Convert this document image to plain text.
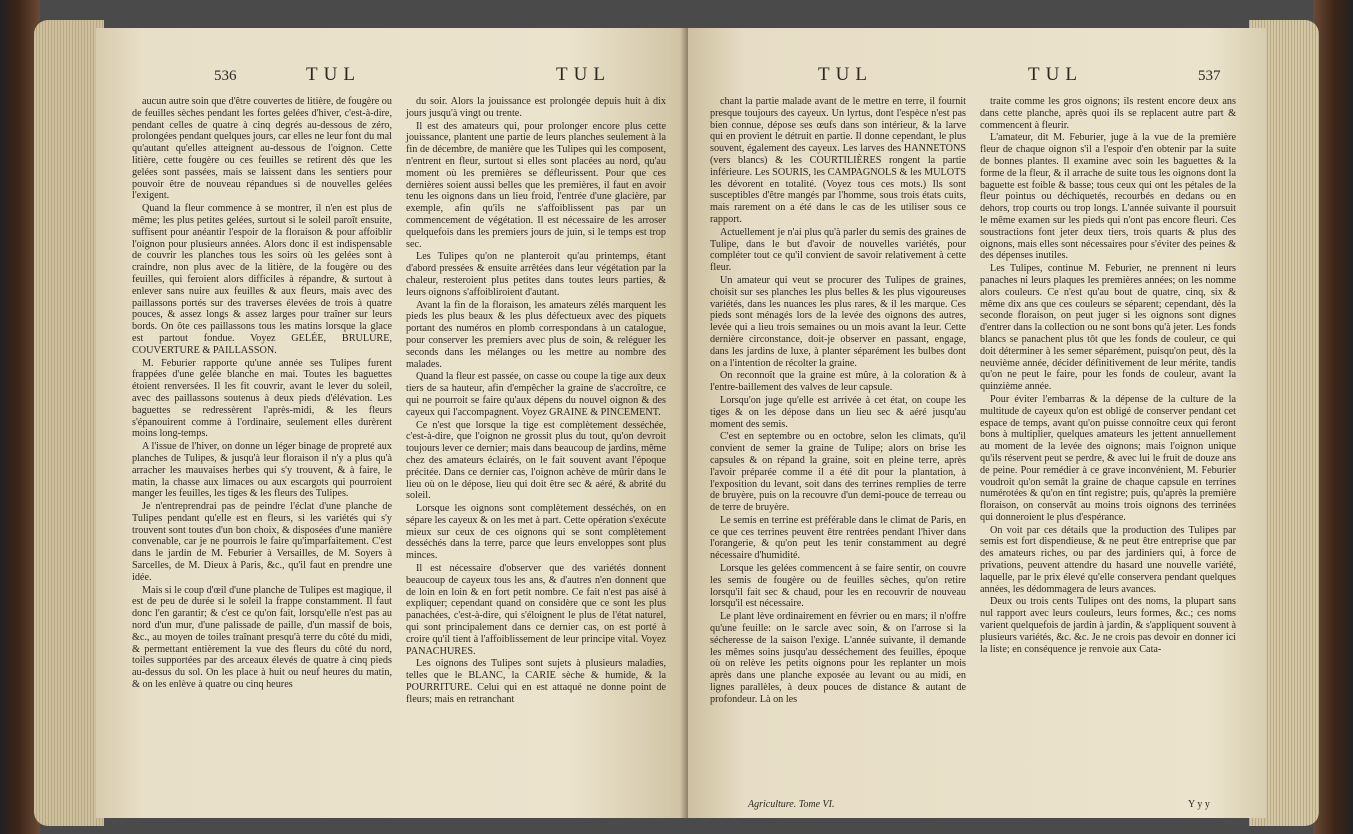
536	TUL	TUL

aucun autre soin que d'être couvertes de litière, de fougère ou de feuilles sèches pendant les fortes gelées d'hiver, c'est-à-dire, pendant celles de quatre à cinq degrés au-dessous de zéro, prolongées pendant quelques jours, car elles ne leur font du mal qu'autant qu'elles atteignent au-dessous de l'oignon. Cette litière, cette fougère ou ces feuilles se retirent dès que les gelées sont passées, mais se laissent dans les sentiers pour pouvoir être de nouveau répandues si de nouvelles gelées l'exigent.

Quand la fleur commence à se montrer, il n'en est plus de même; les plus petites gelées, surtout si le soleil paroît ensuite, suffisent pour anéantir l'espoir de la floraison & pour affoiblir l'oignon pour plusieurs années. Alors donc il est indispensable de couvrir les planches tous les soirs où les gelées sont à craindre, non plus avec de la litière, de la fougère ou des feuilles, qui feroient alors difficiles à répandre, & surtout à enlever sans nuire aux feuilles & aux fleurs, mais avec des paillassons portés sur des traverses élevées de trois à quatre pouces, & assez longs & assez larges pour traîner sur leurs bords. On ôte ces paillassons tous les matins lorsque la glace est partout fondue. Voyez GELÉE, BRULURE, COUVERTURE & PAILLASSON.

M. Feburier rapporte qu'une année ses Tulipes furent frappées d'une gelée blanche en mai. Toutes les baguettes étoient renversées. Il les fit couvrir, avant le lever du soleil, avec des paillassons soutenus à deux pieds d'élévation. Les baguettes se redressèrent l'après-midi, & les fleurs s'épanouirent comme à l'ordinaire, seulement elles durèrent moins long-temps.

A l'issue de l'hiver, on donne un léger binage de propreté aux planches de Tulipes, & jusqu'à leur floraison il n'y a plus qu'à arracher les mauvaises herbes qui s'y trouvent, & à faire, le matin, la chasse aux limaces ou aux escargots qui pourroient manger les feuilles, les tiges & les fleurs des Tulipes.

Je n'entreprendrai pas de peindre l'éclat d'une planche de Tulipes pendant qu'elle est en fleurs, si les variétés qui s'y trouvent sont toutes d'un bon choix, & disposées d'une manière convenable, car je ne pourrois le faire qu'imparfaitement. C'est dans le jardin de M. Feburier à Versailles, de M. Soyers à Sarcelles, de M. Dieux à Paris, &c., qu'il faut en prendre une idée.

Mais si le coup d'œil d'une planche de Tulipes est magique, il est de peu de durée si le soleil la frappe constamment. Il faut donc l'en garantir; & c'est ce qu'on fait, lorsqu'elle n'est pas au nord d'un mur, d'une palissade de paille, d'un massif de bois, &c., au moyen de toiles traînant presqu'à terre du côté du midi, & permettant entièrement la vue des fleurs du côté du nord, toiles supportées par des arceaux élevés de quatre à cinq pieds au-dessus du sol. On les place à huit ou neuf heures du matin, & on les enlève à quatre ou cinq heures

du soir. Alors la jouissance est prolongée depuis huit à dix jours jusqu'à vingt ou trente.

Il est des amateurs qui, pour prolonger encore plus cette jouissance, plantent une partie de leurs planches seulement à la fin de décembre, de manière que les Tulipes qui les composent, n'entrent en fleur, surtout si elles sont placées au nord, qu'au moment où les premières se défleurissent. Pour que ces dernières soient aussi belles que les premières, il faut en avoir tenu les oignons dans un lieu froid, l'entrée d'une glacière, par exemple, afin qu'ils ne s'affoiblissent pas par un commencement de végétation. Il est nécessaire de les arroser quelquefois dans les premiers jours de juin, si le temps est trop sec.

Les Tulipes qu'on ne planteroit qu'au printemps, étant d'abord pressées & ensuite arrêtées dans leur végétation par la chaleur, resteroient plus petites dans toutes leurs parties, & leurs oignons s'affoibliroient d'autant.

Avant la fin de la floraison, les amateurs zélés marquent les pieds les plus beaux & les plus défectueux avec des piquets portant des numéros en plomb correspondans à un catalogue, pour conserver les premiers avec plus de soin, & reléguer les seconds dans les mélanges ou les mettre au nombre des malades.

Quand la fleur est passée, on casse ou coupe la tige aux deux tiers de sa hauteur, afin d'empêcher la graine de s'accroître, ce qui ne pourroit se faire qu'aux dépens du nouvel oignon & des cayeux qui l'accompagnent. Voyez GRAINE & PINCEMENT.

Ce n'est que lorsque la tige est complètement desséchée, c'est-à-dire, que l'oignon ne grossit plus du tout, qu'on devroit toujours lever ce dernier; mais dans beaucoup de jardins, même chez des amateurs éclairés, on le fait souvent avant l'époque précitée. Dans ce dernier cas, l'oignon achève de mûrir dans le lieu où on le dépose, lieu qui doit être sec & aéré, & abrité du soleil.

Lorsque les oignons sont complètement desséchés, on en sépare les cayeux & on les met à part. Cette opération s'exécute mieux sur ceux de ces oignons qui se sont complètement desséchés dans la terre, parce que leurs enveloppes sont plus minces.

Il est nécessaire d'observer que des variétés donnent beaucoup de cayeux tous les ans, & d'autres n'en donnent que de loin en loin & en fort petit nombre. Ce fait n'est pas aisé à expliquer; cependant quand on considère que ce sont les plus panachées, c'est-à-dire, qui s'éloignent le plus de l'état naturel, qui sont principalement dans ce dernier cas, on est porté à croire qu'il tient à l'affoiblissement de leur principe vital. Voyez PANACHURES.

Les oignons des Tulipes sont sujets à plusieurs maladies, telles que le BLANC, la CARIE sèche & humide, & la POURRITURE. Celui qui en est attaqué ne donne point de fleurs; mais en retranchant

TUL	TUL	537

chant la partie malade avant de le mettre en terre, il fournit presque toujours des cayeux. Un lyrtus, dont l'espèce n'est pas bien connue, dépose ses œufs dans son intérieur, & la larve qui en provient le détruit en partie. Il donne cependant, le plus souvent, également des cayeux. Les larves des HANNETONS (vers blancs) & les COURTILIÈRES rongent la partie inférieure. Les SOURIS, les CAMPAGNOLS & les MULOTS les dévorent en totalité. (Voyez tous ces mots.) Ils sont susceptibles d'être mangés par l'homme, sous trois états cuits, mais rarement on a été dans le cas de les utiliser sous ce rapport.

Actuellement je n'ai plus qu'à parler du semis des graines de Tulipe, dans le but d'avoir de nouvelles variétés, pour compléter tout ce qu'il convient de savoir relativement à cette fleur.

Un amateur qui veut se procurer des Tulipes de graines, choisit sur ses planches les plus belles & les plus vigoureuses variétés, dans les nuances les plus rares, & il les marque. Ces pieds sont ménagés lors de la levée des oignons des autres, levée qui a lieu trois semaines ou un mois avant la leur. Cette dernière circonstance, doit-je observer en passant, engage, dans les jardins de luxe, à planter séparément les bulbes dont on a l'intention de récolter la graine.

On reconnoît que la graine est mûre, à la coloration & à l'entre-baillement des valves de leur capsule.

Lorsqu'on juge qu'elle est arrivée à cet état, on coupe les tiges & on les dépose dans un lieu sec & aéré jusqu'au moment des semis.

C'est en septembre ou en octobre, selon les climats, qu'il convient de semer la graine de Tulipe; alors on brise les capsules & on répand la graine, soit en pleine terre, après l'avoir préparée comme il a été dit pour la plantation, à l'exposition du levant, soit dans des terrines remplies de terre de bruyère, puis on la recouvre d'un demi-pouce de terreau ou de terre de bruyère.

Le semis en terrine est préférable dans le climat de Paris, en ce que ces terrines peuvent être rentrées pendant l'hiver dans l'orangerie, & qu'on peut les tenir constamment au degré nécessaire d'humidité.

Lorsque les gelées commencent à se faire sentir, on couvre les semis de fougère ou de feuilles sèches, qu'on retire lorsqu'il fait sec & chaud, pour les en recouvrir de nouveau lorsqu'il est nécessaire.

Le plant lève ordinairement en février ou en mars; il n'offre qu'une feuille: on le sarcle avec soin, & on l'arrose si la sécheresse de la saison l'exige. L'année suivante, il demande les mêmes soins jusqu'au desséchement des feuilles, époque où on relève les petits oignons pour les replanter un mois après dans une planche exposée au levant ou au midi, en lignes parallèles, à deux pouces de distance & autant de profondeur. Là on les

traite comme les gros oignons; ils restent encore deux ans dans cette planche, après quoi ils se replacent autre part & commencent à fleurir.

L'amateur, dit M. Feburier, juge à la vue de la première fleur de chaque oignon s'il a l'espoir d'en obtenir par la suite de bonnes plantes. Il examine avec soin les baguettes & la forme de la fleur, & il arrache de suite tous les oignons dont la baguette est foible & basse; tous ceux qui ont les pétales de la fleur pointus ou déchiquetés, recourbés en dedans ou en dehors, trop courts ou trop longs. L'année suivante il poursuit le même examen sur les pieds qui n'ont pas encore fleuri. Ces soustractions font jeter deux tiers, trois quarts & plus des oignons, mais elles sont nécessaires pour s'éviter des peines & des dépenses inutiles.

Les Tulipes, continue M. Feburier, ne prennent ni leurs panaches ni leurs plaques les premières années; on les nomme alors couleurs. Ce n'est qu'au bout de quatre, cinq, six & même dix ans que ces couleurs se séparent; cependant, dès la seconde floraison, on peut juger si les oignons sont dignes d'entrer dans la collection ou ne sont bons qu'à jeter. Les fonds blancs se panachent plus tôt que les fonds de couleur, ce qui doit déterminer à les semer séparément, puisqu'on peut, dès la neuvième année, décider définitivement de leur mérite, tandis qu'on ne peut le faire, pour les fonds de couleur, avant la quinzième année.

Pour éviter l'embarras & la dépense de la culture de la multitude de cayeux qu'on est obligé de conserver pendant cet espace de temps, avant qu'on puisse connoître ceux qui feront bons à multiplier, quelques amateurs les jettent annuellement au moment de la levée des oignons; mais l'oignon unique qu'ils réservent peut se perdre, & avec lui le fruit de douze ans de peine. Pour remédier à ce grave inconvénient, M. Feburier voudroit qu'on semât la graine de chaque capsule en terrines numérotées & qu'on en tînt registre; puis, qu'après la première floraison, on conservât au moins trois oignons des terrinées qui donneroient le plus d'espérance.

On voit par ces détails que la production des Tulipes par semis est fort dispendieuse, & ne peut être entreprise que par des amateurs riches, ou par des jardiniers qui, à force de privations, peuvent attendre du hasard une nouvelle variété, laquelle, par le prix élevé qu'elle conservera pendant quelques années, les dédommagera de leurs avances.

Deux ou trois cents Tulipes ont des noms, la plupart sans nul rapport avec leurs couleurs, leurs formes, &c.; ces noms varient quelquefois de jardin à jardin, & s'appliquent souvent à plusieurs variétés, &c. &c. Je ne crois pas devoir en donner ici la liste; en conséquence je renvoie aux Cata-

Agriculture. Tome VI.	Y y y
